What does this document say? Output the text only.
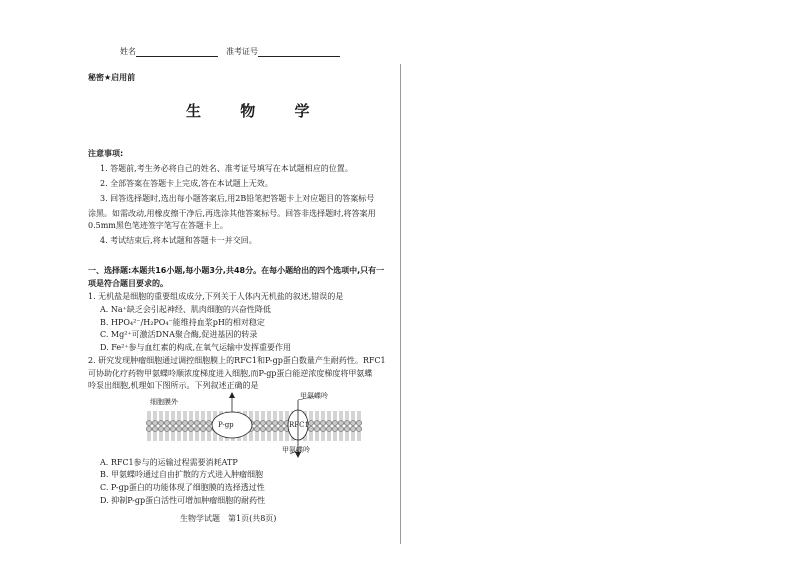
姓名	准考证号
秘密★启用前
生 物 学
注意事项:
1. 答题前,考生务必将自己的姓名、准考证号填写在本试题相应的位置。
2. 全部答案在答题卡上完成,答在本试题上无效。
3. 回答选择题时,选出每小题答案后,用2B铅笔把答题卡上对应题目的答案标号
涂黑。如需改动,用橡皮擦干净后,再选涂其他答案标号。回答非选择题时,将答案用
0.5mm黑色笔迹签字笔写在答题卡上。
4. 考试结束后,将本试题和答题卡一并交回。
一、选择题:本题共16小题,每小题3分,共48分。在每小题给出的四个选项中,只有一
项是符合题目要求的。
1. 无机盐是细胞的重要组成成分,下列关于人体内无机盐的叙述,错误的是
A. Na⁺缺乏会引起神经、肌肉细胞的兴奋性降低
B. HPO₄²⁻/H₂PO₄⁻能维持血浆pH的相对稳定
C. Mg²⁺可激活DNA聚合酶,促进基因的转录
D. Fe²⁺参与血红素的构成,在氧气运输中发挥重要作用
2. 研究发现肿瘤细胞通过调控细胞膜上的RFC1和P-gp蛋白数量产生耐药性。RFC1
可协助化疗药物甲氨蝶呤顺浓度梯度进入细胞,而P-gp蛋白能逆浓度梯度将甲氨蝶
呤泵出细胞,机理如下图所示。下列叙述正确的是
细胞膜外
甲氨蝶呤
P-gp	RFC1
甲氨蝶呤
A. RFC1参与的运输过程需要消耗ATP
B. 甲氨蝶呤通过自由扩散的方式进入肿瘤细胞
C. P-gp蛋白的功能体现了细胞膜的选择透过性
D. 抑制P-gp蛋白活性可增加肿瘤细胞的耐药性
生物学试题　第1页(共8页)
